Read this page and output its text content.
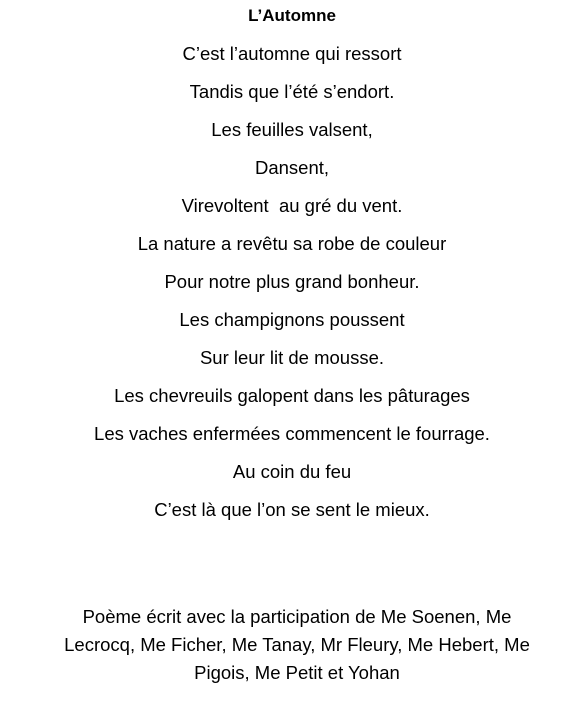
L’Automne
C’est l’automne qui ressort
Tandis que l’été s’endort.
Les feuilles valsent,
Dansent,
Virevoltent  au gré du vent.
La nature a revêtu sa robe de couleur
Pour notre plus grand bonheur.
Les champignons poussent
Sur leur lit de mousse.
Les chevreuils galopent dans les pâturages
Les vaches enfermées commencent le fourrage.
Au coin du feu
C’est là que l’on se sent le mieux.
Poème écrit avec la participation de Me Soenen, Me Lecrocq, Me Ficher, Me Tanay, Mr Fleury, Me Hebert, Me Pigois, Me Petit et Yohan
